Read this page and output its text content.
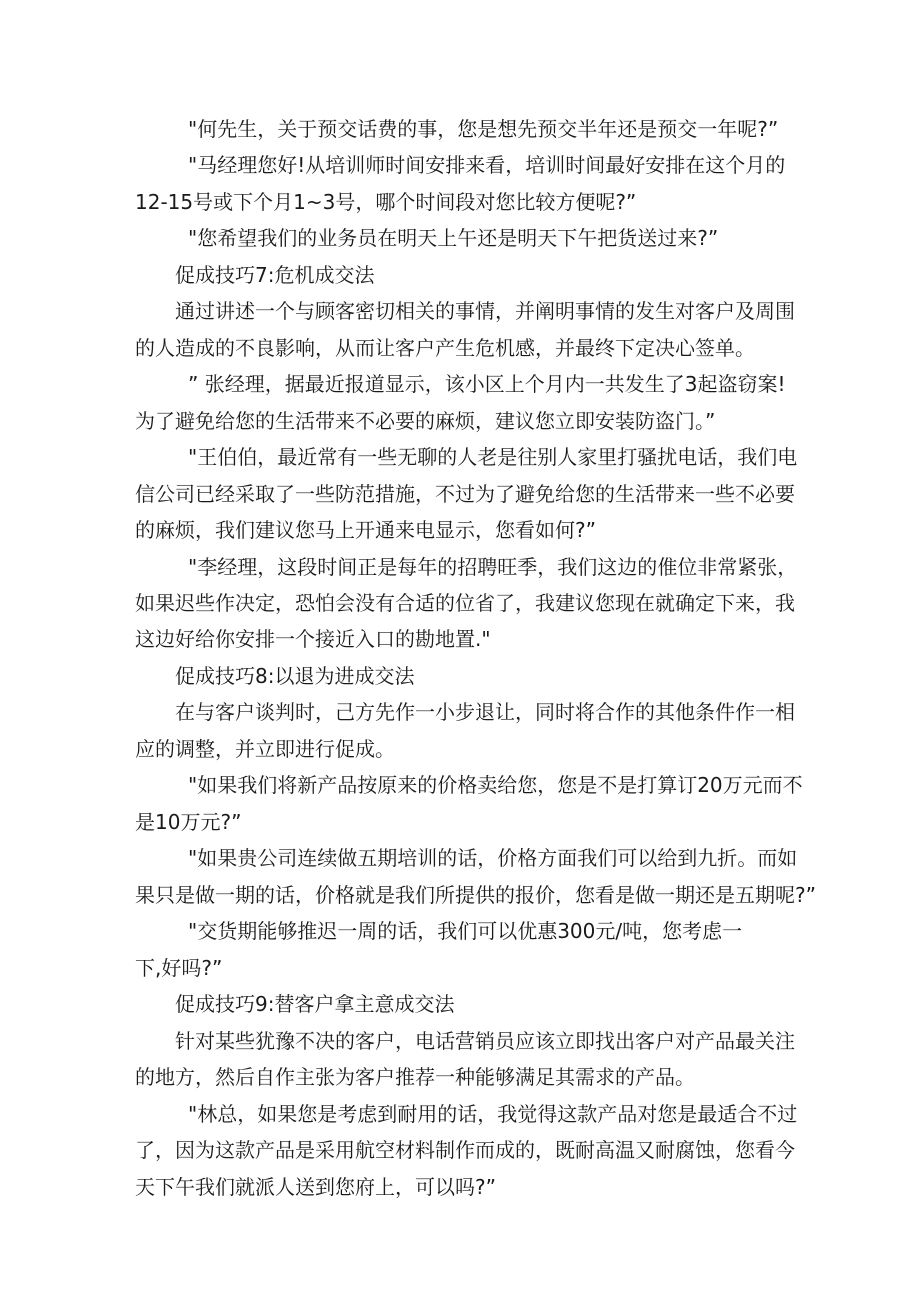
"何先生，关于预交话费的事，您是想先预交半年还是预交一年呢?”
"马经理您好!从培训师时间安排来看，培训时间最好安排在这个月的
12-15号或下个月1~3号，哪个时间段对您比较方便呢?”
"您希望我们的业务员在明天上午还是明天下午把货送过来?”
促成技巧7:危机成交法
通过讲述一个与顾客密切相关的事情，并阐明事情的发生对客户及周围
的人造成的不良影响，从而让客户产生危机感，并最终下定决心签单。
” 张经理，据最近报道显示，该小区上个月内一共发生了3起盗窃案!
为了避免给您的生活带来不必要的麻烦，建议您立即安装防盗门。”
"王伯伯，最近常有一些无聊的人老是往别人家里打骚扰电话，我们电
信公司已经采取了一些防范措施，不过为了避免给您的生活带来一些不必要
的麻烦，我们建议您马上开通来电显示，您看如何?”
"李经理，这段时间正是每年的招聘旺季，我们这边的倠位非常紧张，
如果迟些作决定，恐怕会没有合适的位省了，我建议您现在就确定下来，我
这边好给你安排一个接近入口的勘地置."
促成技巧8:以退为进成交法
在与客户谈判时，己方先作一小步退让，同时将合作的其他条件作一相
应的调整，并立即进行促成。
"如果我们将新产品按原来的价格卖给您，您是不是打算订20万元而不
是10万元?”
"如果贵公司连续做五期培训的话，价格方面我们可以给到九折。而如
果只是做一期的话，价格就是我们所提供的报价，您看是做一期还是五期呢?”
"交货期能够推迟一周的话，我们可以优惠300元/吨，您考虑一
下,好吗?”
促成技巧9:替客户拿主意成交法
针对某些犹豫不决的客户，电话营销员应该立即找出客户对产品最关注
的地方，然后自作主张为客户推荐一种能够满足其需求的产品。
"林总，如果您是考虑到耐用的话，我觉得这款产品对您是最适合不过
了，因为这款产品是采用航空材料制作而成的，既耐高温又耐腐蚀，您看今
天下午我们就派人送到您府上，可以吗?”
